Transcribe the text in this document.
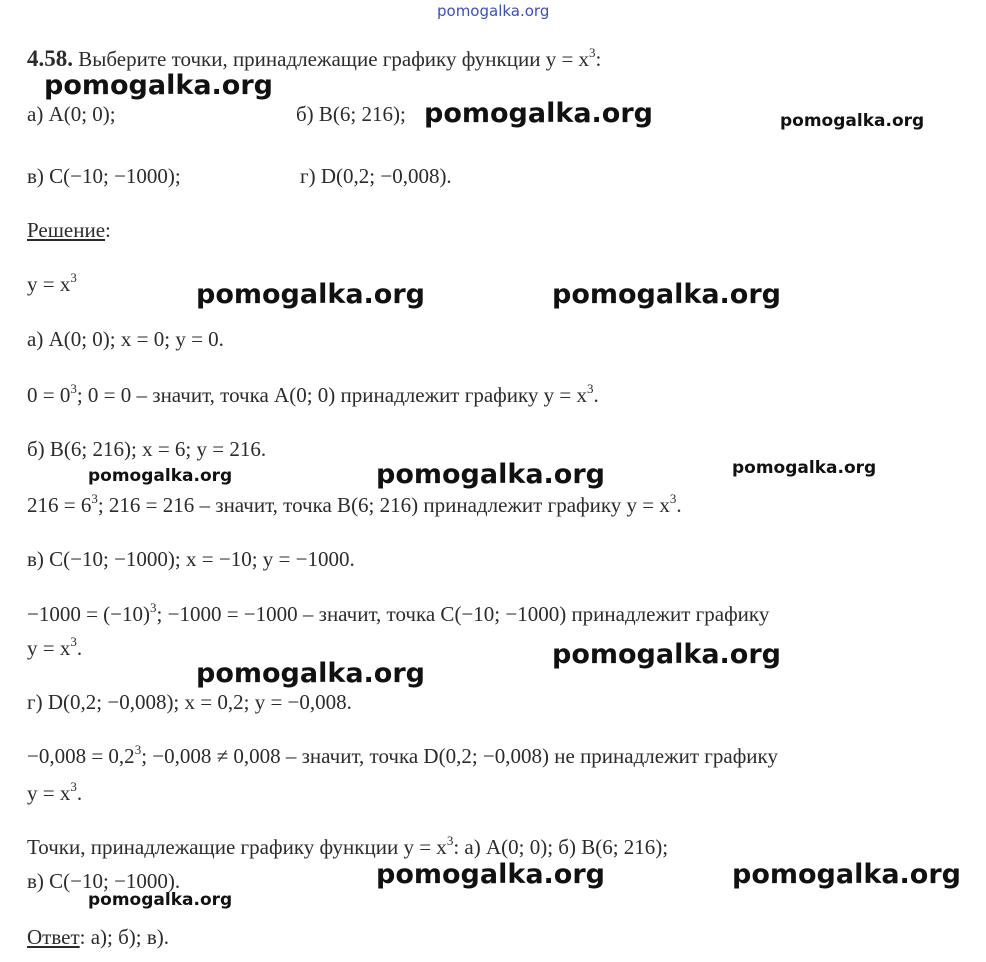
pomogalka.org
4.58. Выберите точки, принадлежащие графику функции $y = x^3$:
а) A(0; 0);	б) B(6; 216);
в) C(−10; −1000);	г) D(0,2; −0,008).
Решение:
$y = x^3$
а) A(0; 0); x = 0; y = 0.
$0 = 0^3$; 0 = 0 – значит, точка A(0; 0) принадлежит графику $y = x^3$.
б) B(6; 216); x = 6; y = 216.
$216 = 6^3$; 216 = 216 – значит, точка B(6; 216) принадлежит графику $y = x^3$.
в) C(−10; −1000); x = −10; y = −1000.
$-1000 = (-10)^3$; −1000 = −1000 – значит, точка C(−10; −1000) принадлежит графику
$y = x^3$.
г) D(0,2; −0,008); x = 0,2; y = −0,008.
$-0,008 = 0,2^3$; −0,008 ≠ 0,008 – значит, точка D(0,2; −0,008) не принадлежит графику
$y = x^3$.
Точки, принадлежащие графику функции $y = x^3$: а) A(0; 0); б) B(6; 216);
в) C(−10; −1000).
Ответ: а); б); в).
pomogalka.org
pomogalka.org	pomogalka.org
pomogalka.org	pomogalka.org
pomogalka.org	pomogalka.org	pomogalka.org
pomogalka.org
pomogalka.org
pomogalka.org	pomogalka.org
pomogalka.org
